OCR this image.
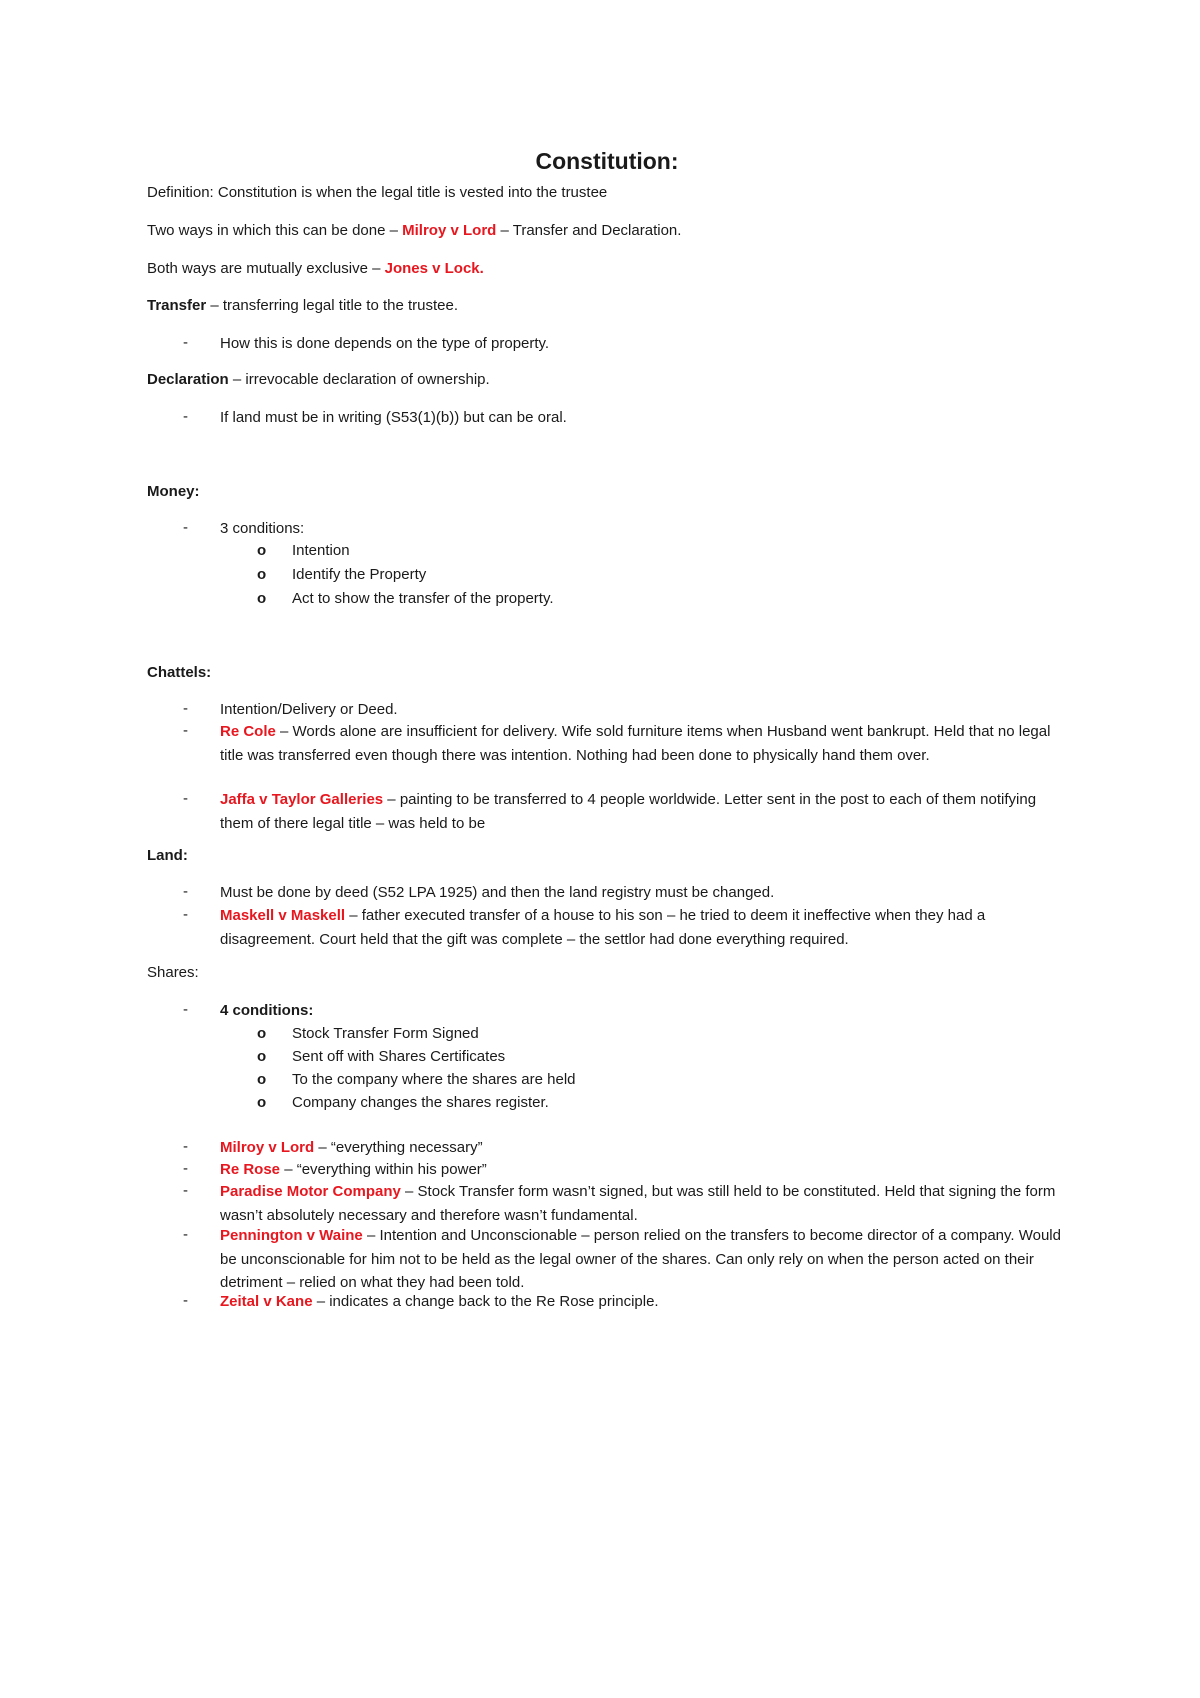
Constitution:
Definition: Constitution is when the legal title is vested into the trustee
Two ways in which this can be done – Milroy v Lord – Transfer and Declaration.
Both ways are mutually exclusive – Jones v Lock.
Transfer – transferring legal title to the trustee.
- How this is done depends on the type of property.
Declaration – irrevocable declaration of ownership.
- If land must be in writing (S53(1)(b)) but can be oral.
Money:
- 3 conditions:
o Intention
o Identify the Property
o Act to show the transfer of the property.
Chattels:
- Intention/Delivery or Deed.
- Re Cole – Words alone are insufficient for delivery. Wife sold furniture items when Husband went bankrupt. Held that no legal title was transferred even though there was intention. Nothing had been done to physically hand them over.
- Jaffa v Taylor Galleries – painting to be transferred to 4 people worldwide. Letter sent in the post to each of them notifying them of there legal title – was held to be
Land:
- Must be done by deed (S52 LPA 1925) and then the land registry must be changed.
- Maskell v Maskell – father executed transfer of a house to his son – he tried to deem it ineffective when they had a disagreement. Court held that the gift was complete – the settlor had done everything required.
Shares:
- 4 conditions:
o Stock Transfer Form Signed
o Sent off with Shares Certificates
o To the company where the shares are held
o Company changes the shares register.
- Milroy v Lord – “everything necessary”
- Re Rose – “everything within his power”
- Paradise Motor Company – Stock Transfer form wasn’t signed, but was still held to be constituted. Held that signing the form wasn’t absolutely necessary and therefore wasn’t fundamental.
- Pennington v Waine – Intention and Unconscionable – person relied on the transfers to become director of a company. Would be unconscionable for him not to be held as the legal owner of the shares. Can only rely on when the person acted on their detriment – relied on what they had been told.
- Zeital v Kane – indicates a change back to the Re Rose principle.
